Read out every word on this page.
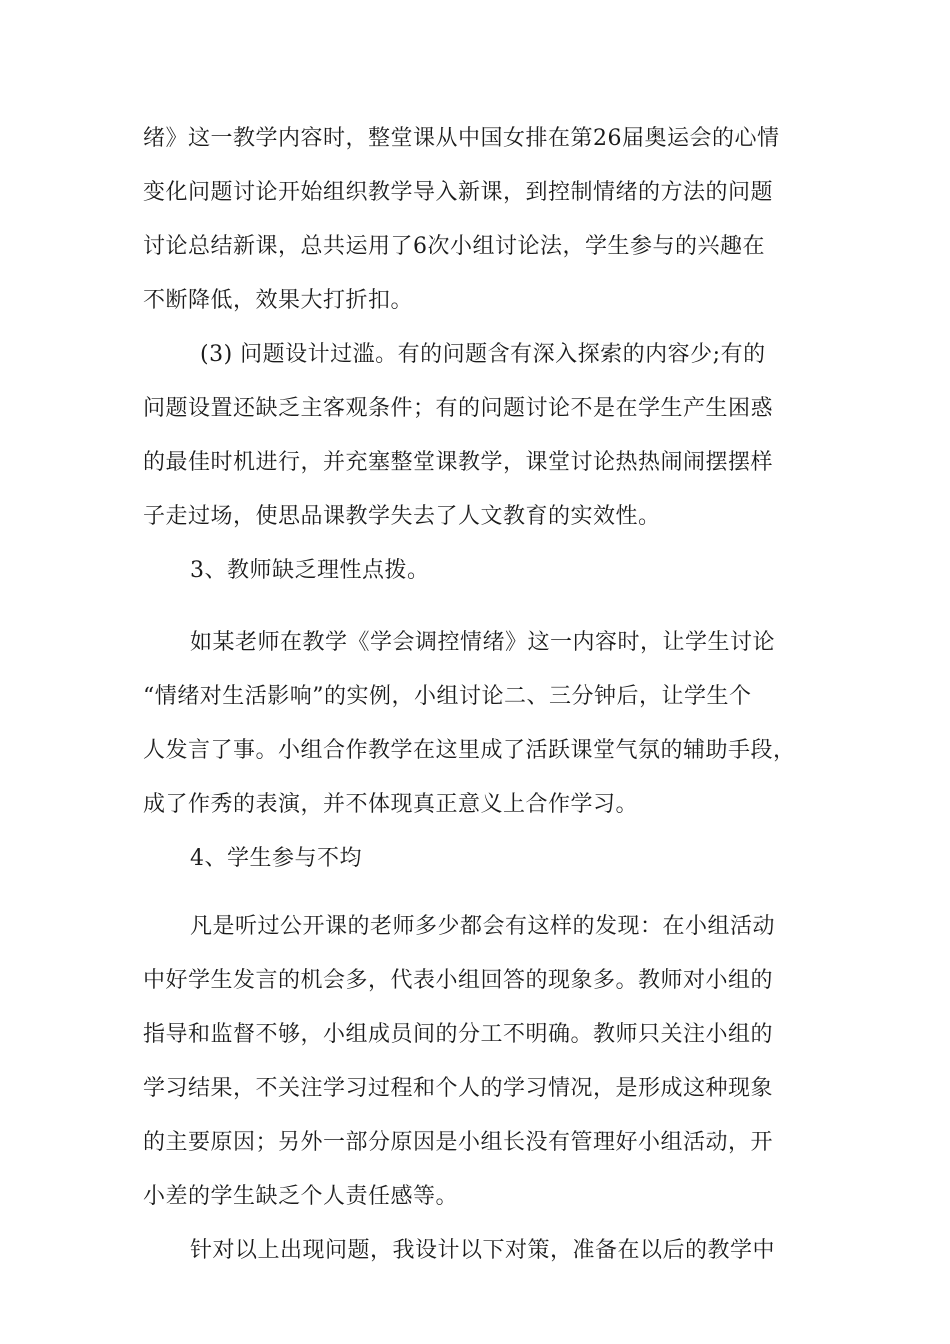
绪》这一教学内容时，整堂课从中国女排在第26届奥运会的心情
变化问题讨论开始组织教学导入新课，到控制情绪的方法的问题
讨论总结新课，总共运用了6次小组讨论法，学生参与的兴趣在
不断降低，效果大打折扣。
(3) 问题设计过滥。有的问题含有深入探索的内容少;有的
问题设置还缺乏主客观条件；有的问题讨论不是在学生产生困惑
的最佳时机进行，并充塞整堂课教学，课堂讨论热热闹闹摆摆样
子走过场，使思品课教学失去了人文教育的实效性。
3、教师缺乏理性点拨。
如某老师在教学《学会调控情绪》这一内容时，让学生讨论
“情绪对生活影响”的实例，小组讨论二、三分钟后，让学生个
人发言了事。小组合作教学在这里成了活跃课堂气氛的辅助手段，
成了作秀的表演，并不体现真正意义上合作学习。
4、学生参与不均
凡是听过公开课的老师多少都会有这样的发现：在小组活动
中好学生发言的机会多，代表小组回答的现象多。教师对小组的
指导和监督不够，小组成员间的分工不明确。教师只关注小组的
学习结果，不关注学习过程和个人的学习情况，是形成这种现象
的主要原因；另外一部分原因是小组长没有管理好小组活动，开
小差的学生缺乏个人责任感等。
针对以上出现问题，我设计以下对策，准备在以后的教学中
